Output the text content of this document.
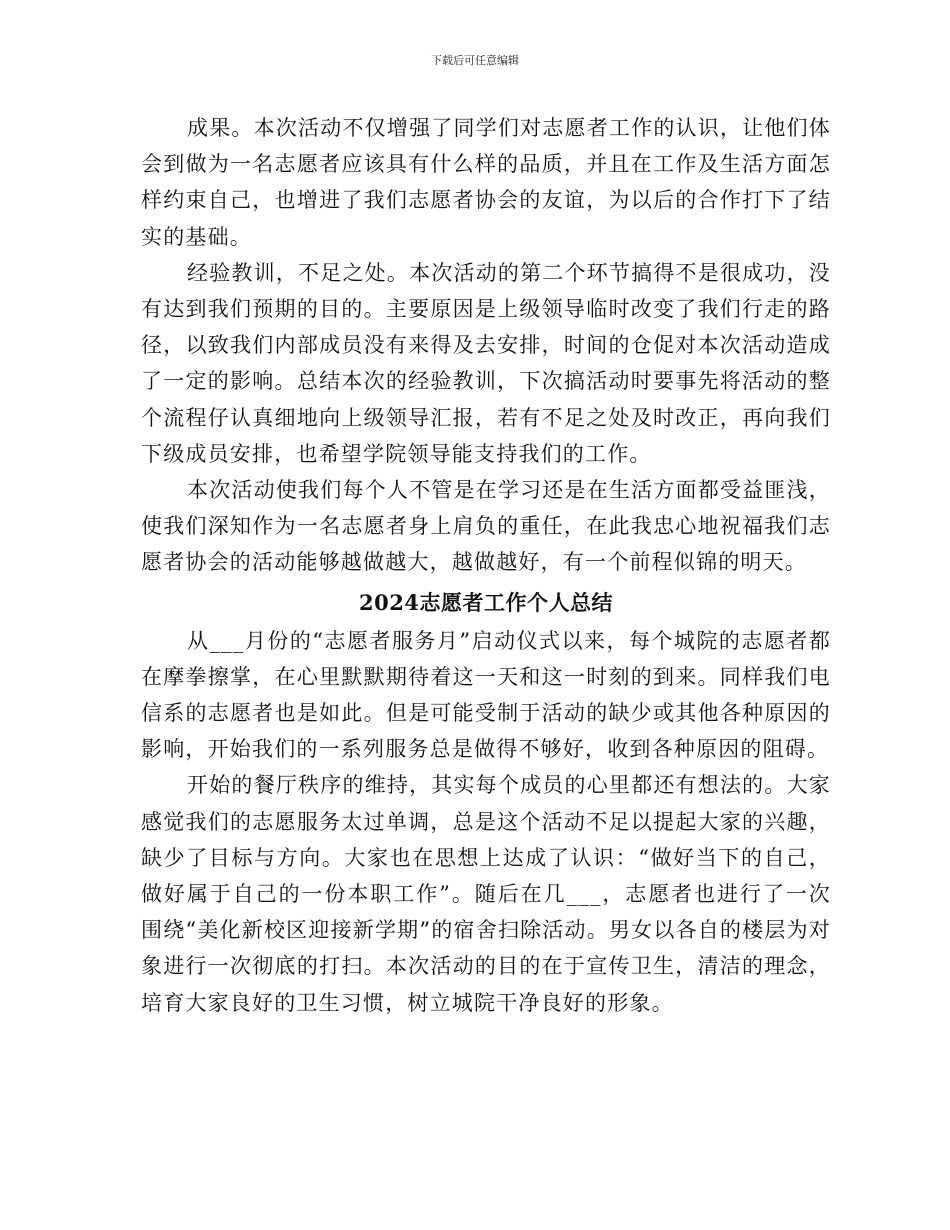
下载后可任意编辑

成果。本次活动不仅增强了同学们对志愿者工作的认识，让他们体会到做为一名志愿者应该具有什么样的品质，并且在工作及生活方面怎样约束自己，也增进了我们志愿者协会的友谊，为以后的合作打下了结实的基础。

经验教训，不足之处。本次活动的第二个环节搞得不是很成功，没有达到我们预期的目的。主要原因是上级领导临时改变了我们行走的路径，以致我们内部成员没有来得及去安排，时间的仓促对本次活动造成了一定的影响。总结本次的经验教训，下次搞活动时要事先将活动的整个流程仔认真细地向上级领导汇报，若有不足之处及时改正，再向我们下级成员安排，也希望学院领导能支持我们的工作。

本次活动使我们每个人不管是在学习还是在生活方面都受益匪浅，使我们深知作为一名志愿者身上肩负的重任，在此我忠心地祝福我们志愿者协会的活动能够越做越大，越做越好，有一个前程似锦的明天。

2024志愿者工作个人总结

从___月份的“志愿者服务月”启动仪式以来，每个城院的志愿者都在摩拳擦掌，在心里默默期待着这一天和这一时刻的到来。同样我们电信系的志愿者也是如此。但是可能受制于活动的缺少或其他各种原因的影响，开始我们的一系列服务总是做得不够好，收到各种原因的阻碍。

开始的餐厅秩序的维持，其实每个成员的心里都还有想法的。大家感觉我们的志愿服务太过单调，总是这个活动不足以提起大家的兴趣，缺少了目标与方向。大家也在思想上达成了认识：“做好当下的自己，做好属于自己的一份本职工作”。随后在几___，志愿者也进行了一次围绕“美化新校区迎接新学期”的宿舍扫除活动。男女以各自的楼层为对象进行一次彻底的打扫。本次活动的目的在于宣传卫生，清洁的理念，培育大家良好的卫生习惯，树立城院干净良好的形象。
